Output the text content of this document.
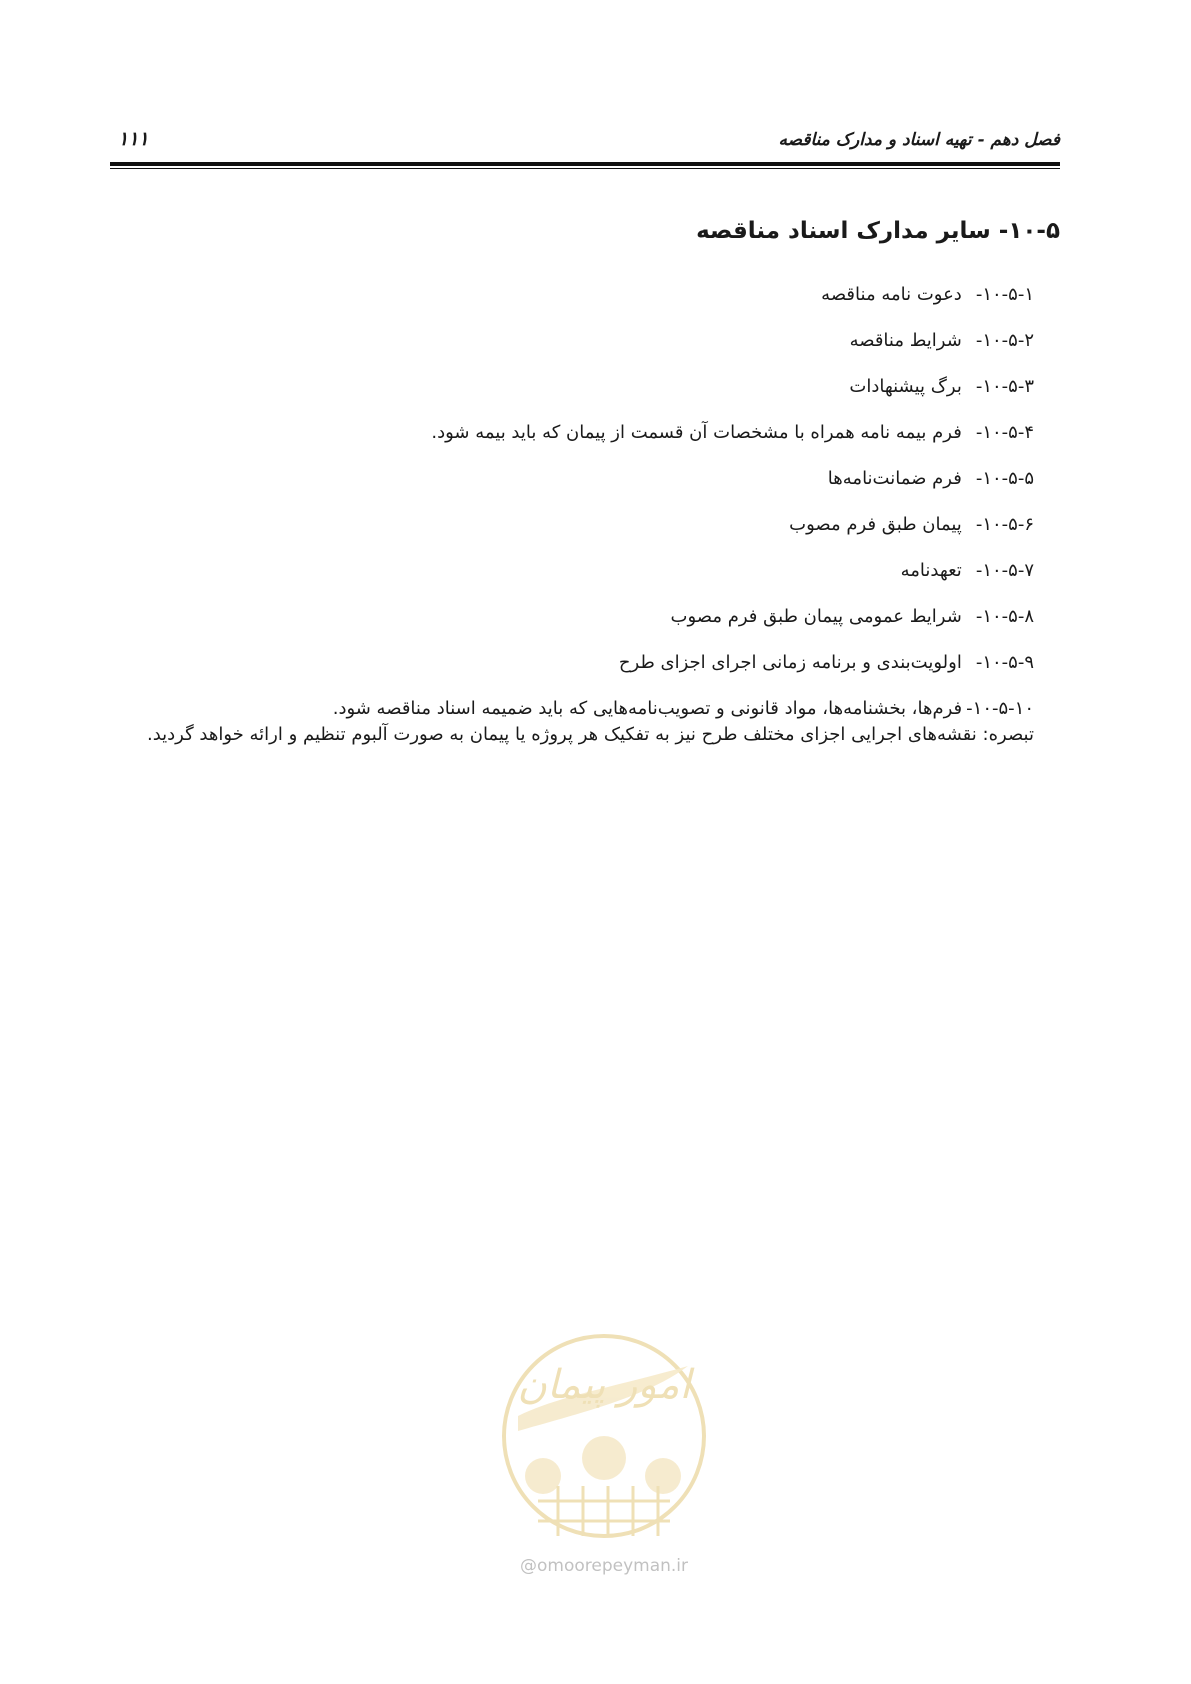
فصل دهم - تهیه اسناد و مدارک مناقصه
۱۱۱
۱۰-۵- سایر مدارک اسناد مناقصه
۱۰-۵-۱-دعوت نامه مناقصه
۱۰-۵-۲-شرایط مناقصه
۱۰-۵-۳-برگ پیشنهادات
۱۰-۵-۴-فرم بیمه نامه همراه با مشخصات آن قسمت از پیمان که باید بیمه شود.
۱۰-۵-۵-فرم ضمانت‌نامه‌ها
۱۰-۵-۶-پیمان طبق فرم مصوب
۱۰-۵-۷-تعهدنامه
۱۰-۵-۸-شرایط عمومی پیمان طبق فرم مصوب
۱۰-۵-۹-اولویت‌بندی و برنامه زمانی اجرای اجزای طرح
۱۰-۵-۱۰-فرم‌ها، بخشنامه‌ها، مواد قانونی و تصویب‌نامه‌هایی که باید ضمیمه اسناد مناقصه شود.
تبصره: نقشه‌های اجرایی اجزای مختلف طرح نیز به تفکیک هر پروژه یا پیمان به صورت آلبوم تنظیم و ارائه خواهد گردید.
امور پیمان
@omoorepeyman.ir
